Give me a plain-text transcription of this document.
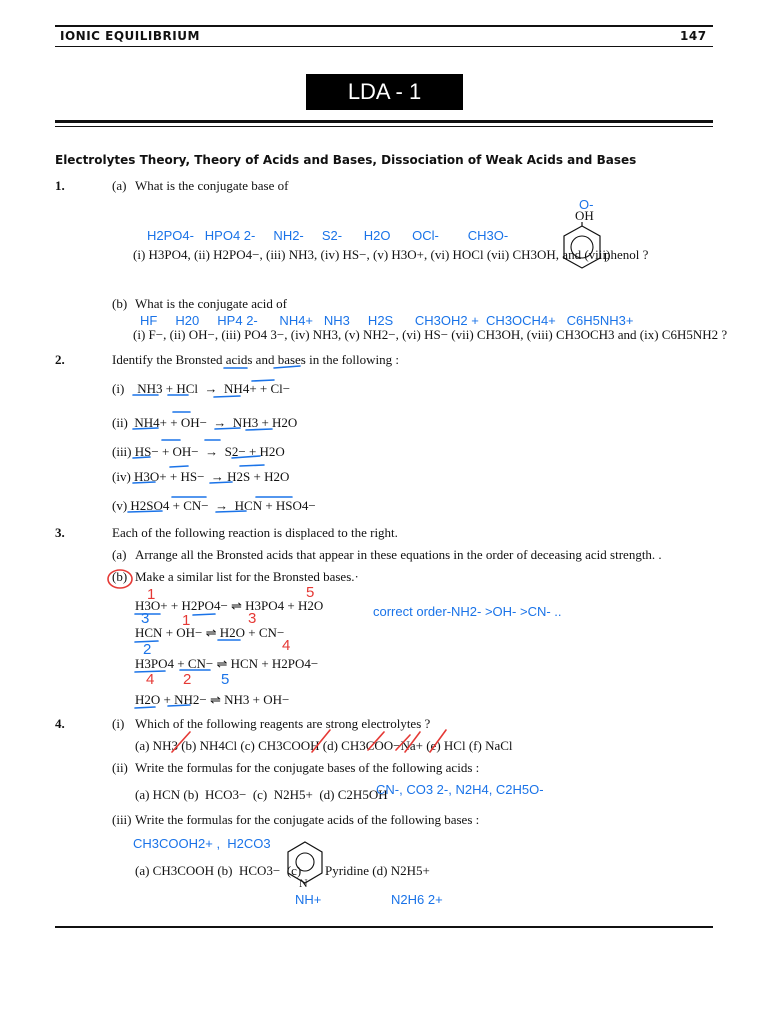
IONIC EQUILIBRIUM	147
LDA - 1
Electrolytes Theory, Theory of Acids and Bases, Dissociation of Weak Acids and Bases
1.	(a) What is the conjugate base of
H2PO4-   HPO4 2-     NH2-     S2-      H2O      OCl-        CH3O-
(i) H3PO4, (ii) H2PO4−, (iii) NH3, (iv) HS−, (v) H3O+, (vi) HOCl (vii) CH3OH, and (viii)
O-
OH
phenol ?
(b) What is the conjugate acid of
HF     H20     HP4 2-      NH4+   NH3     H2S      CH3OH2 +  CH3OCH4+   C6H5NH3+
(i) F−, (ii) OH−, (iii) PO4 3−, (iv) NH3, (v) NH2−, (vi) HS− (vii) CH3OH, (viii) CH3OCH3 and (ix) C6H5NH2 ?
2.	Identify the Bronsted acids and bases in the following :
(i)    NH3 + HCl  →  NH4+ + Cl−
(ii)  NH4+ + OH−  →  NH3 + H2O
(iii) HS− + OH−  →  S2− + H2O
(iv) H3O+ + HS−  → H2S + H2O
(v) H2SO4 + CN−  →  HCN + HSO4−
3.	Each of the following reaction is displaced to the right.
(a) Arrange all the Bronsted acids that appear in these equations in the order of deceasing acid strength. .
(b) Make a similar list for the Bronsted bases.·
H3O+ + H2PO4− ⇌ H3PO4 + H2O	correct order-NH2- >OH- >CN- ..
HCN + OH− ⇌ H2O + CN−
H3PO4 + CN− ⇌ HCN + H2PO4−
H2O + NH2− ⇌ NH3 + OH−
1	5
3 1	3
2	4
4 2 5
4.	(i) Which of the following reagents are strong electrolytes ?
(a) NH3 (b) NH4Cl (c) CH3COOH (d) CH3COO−Na+ (e) HCl (f) NaCl
(ii) Write the formulas for the conjugate bases of the following acids :
(a) HCN (b)  HCO3−  (c)  N2H5+  (d) C2H5OH
CN-, CO3 2-, N2H4, C2H5O-
(iii) Write the formulas for the conjugate acids of the following bases :
CH3COOH2+ ,  H2CO3
(a) CH3COOH (b)  HCO3−  (c)
N
Pyridine (d) N2H5+
NH+	N2H6 2+
